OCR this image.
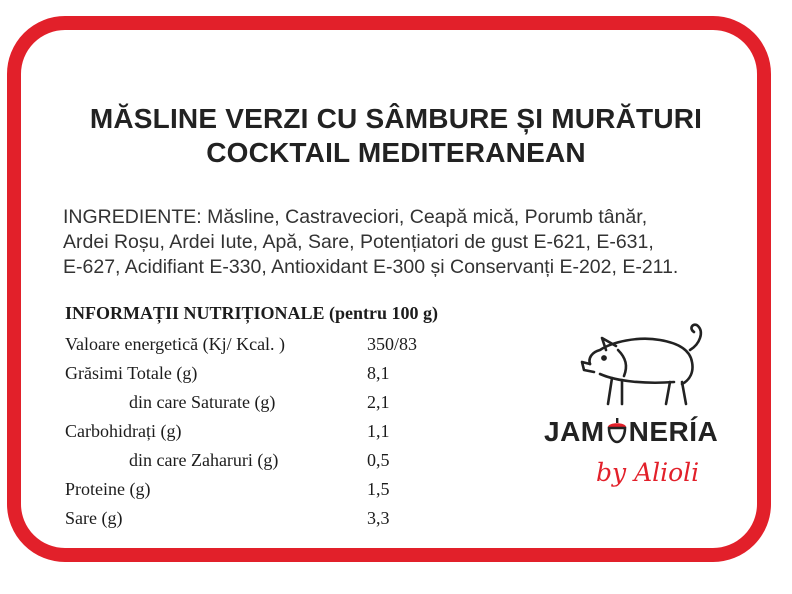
MĂSLINE VERZI CU SÂMBURE ȘI MURĂTURI
COCKTAIL MEDITERANEAN
INGREDIENTE: Măsline, Castraveciori, Ceapă mică, Porumb tânăr,
Ardei Roșu, Ardei Iute, Apă, Sare, Potențiatori de gust E-621, E-631,
E-627, Acidifiant E-330, Antioxidant E-300 și Conservanți E-202, E-211.
INFORMAȚII NUTRIȚIONALE (pentru 100 g)
Valoare energetică (Kj/ Kcal. )	350/83
Grăsimi Totale (g)	8,1
din care Saturate (g)	2,1
Carbohidrați (g)	1,1
din care Zaharuri (g)	0,5
Proteine (g)	1,5
Sare (g)	3,3
JAM NERÍA
by Alioli
